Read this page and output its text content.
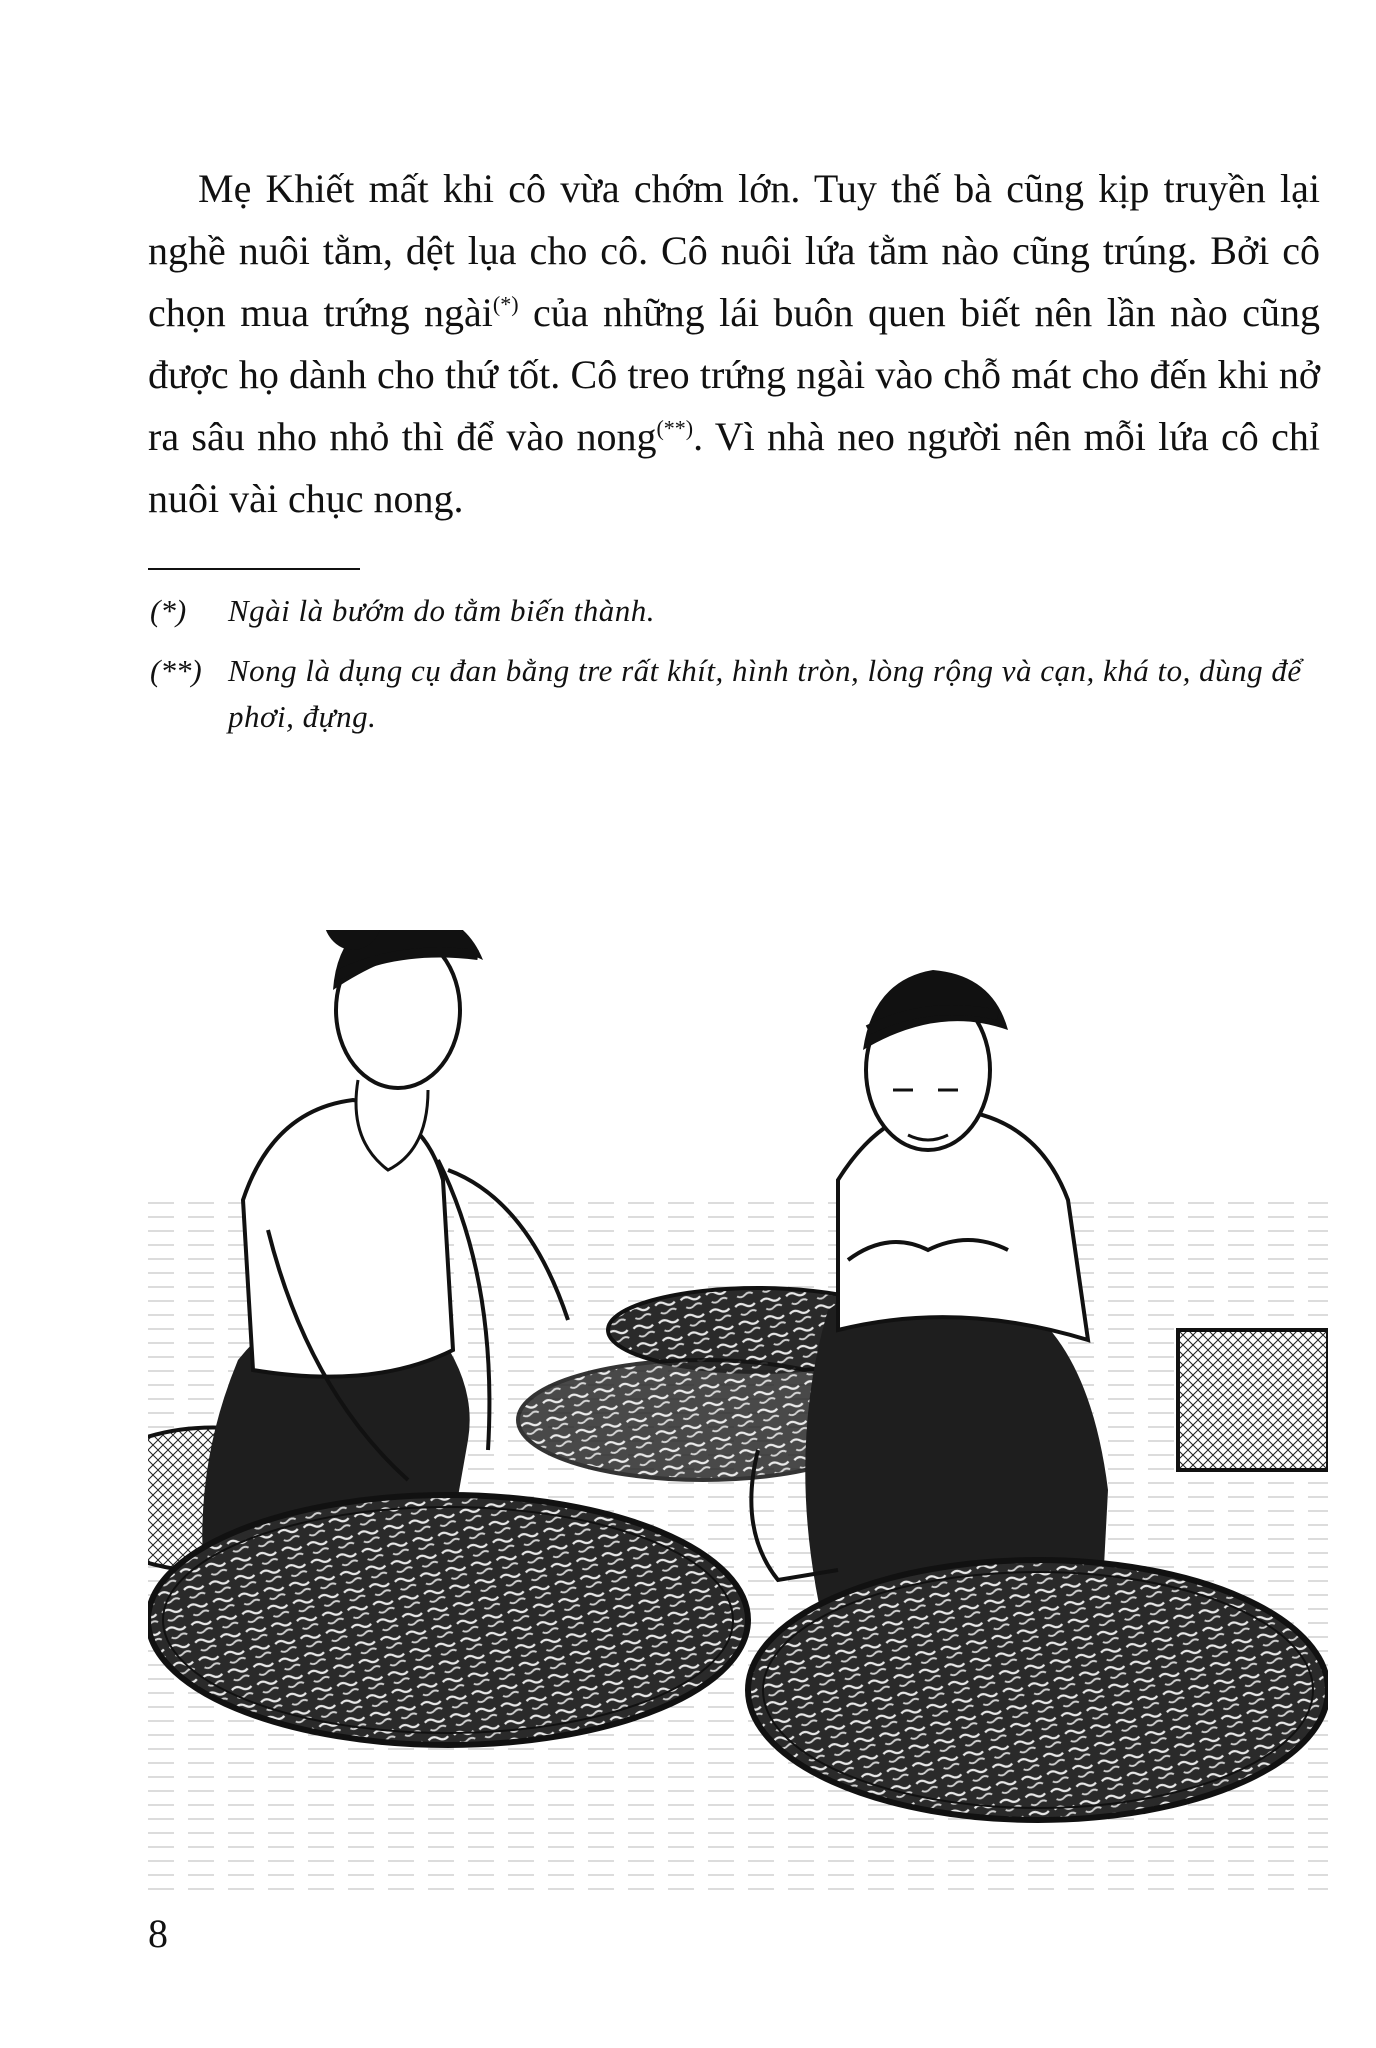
Mẹ Khiết mất khi cô vừa chớm lớn. Tuy thế bà cũng kịp truyền lại nghề nuôi tằm, dệt lụa cho cô. Cô nuôi lứa tằm nào cũng trúng. Bởi cô chọn mua trứng ngài(*) của những lái buôn quen biết nên lần nào cũng được họ dành cho thứ tốt. Cô treo trứng ngài vào chỗ mát cho đến khi nở ra sâu nho nhỏ thì để vào nong(**). Vì nhà neo người nên mỗi lứa cô chỉ nuôi vài chục nong.

(*)	Ngài là bướm do tằm biến thành.
(**) Nong là dụng cụ đan bằng tre rất khít, hình tròn, lòng rộng và cạn, khá to, dùng để phơi, đựng.
8
